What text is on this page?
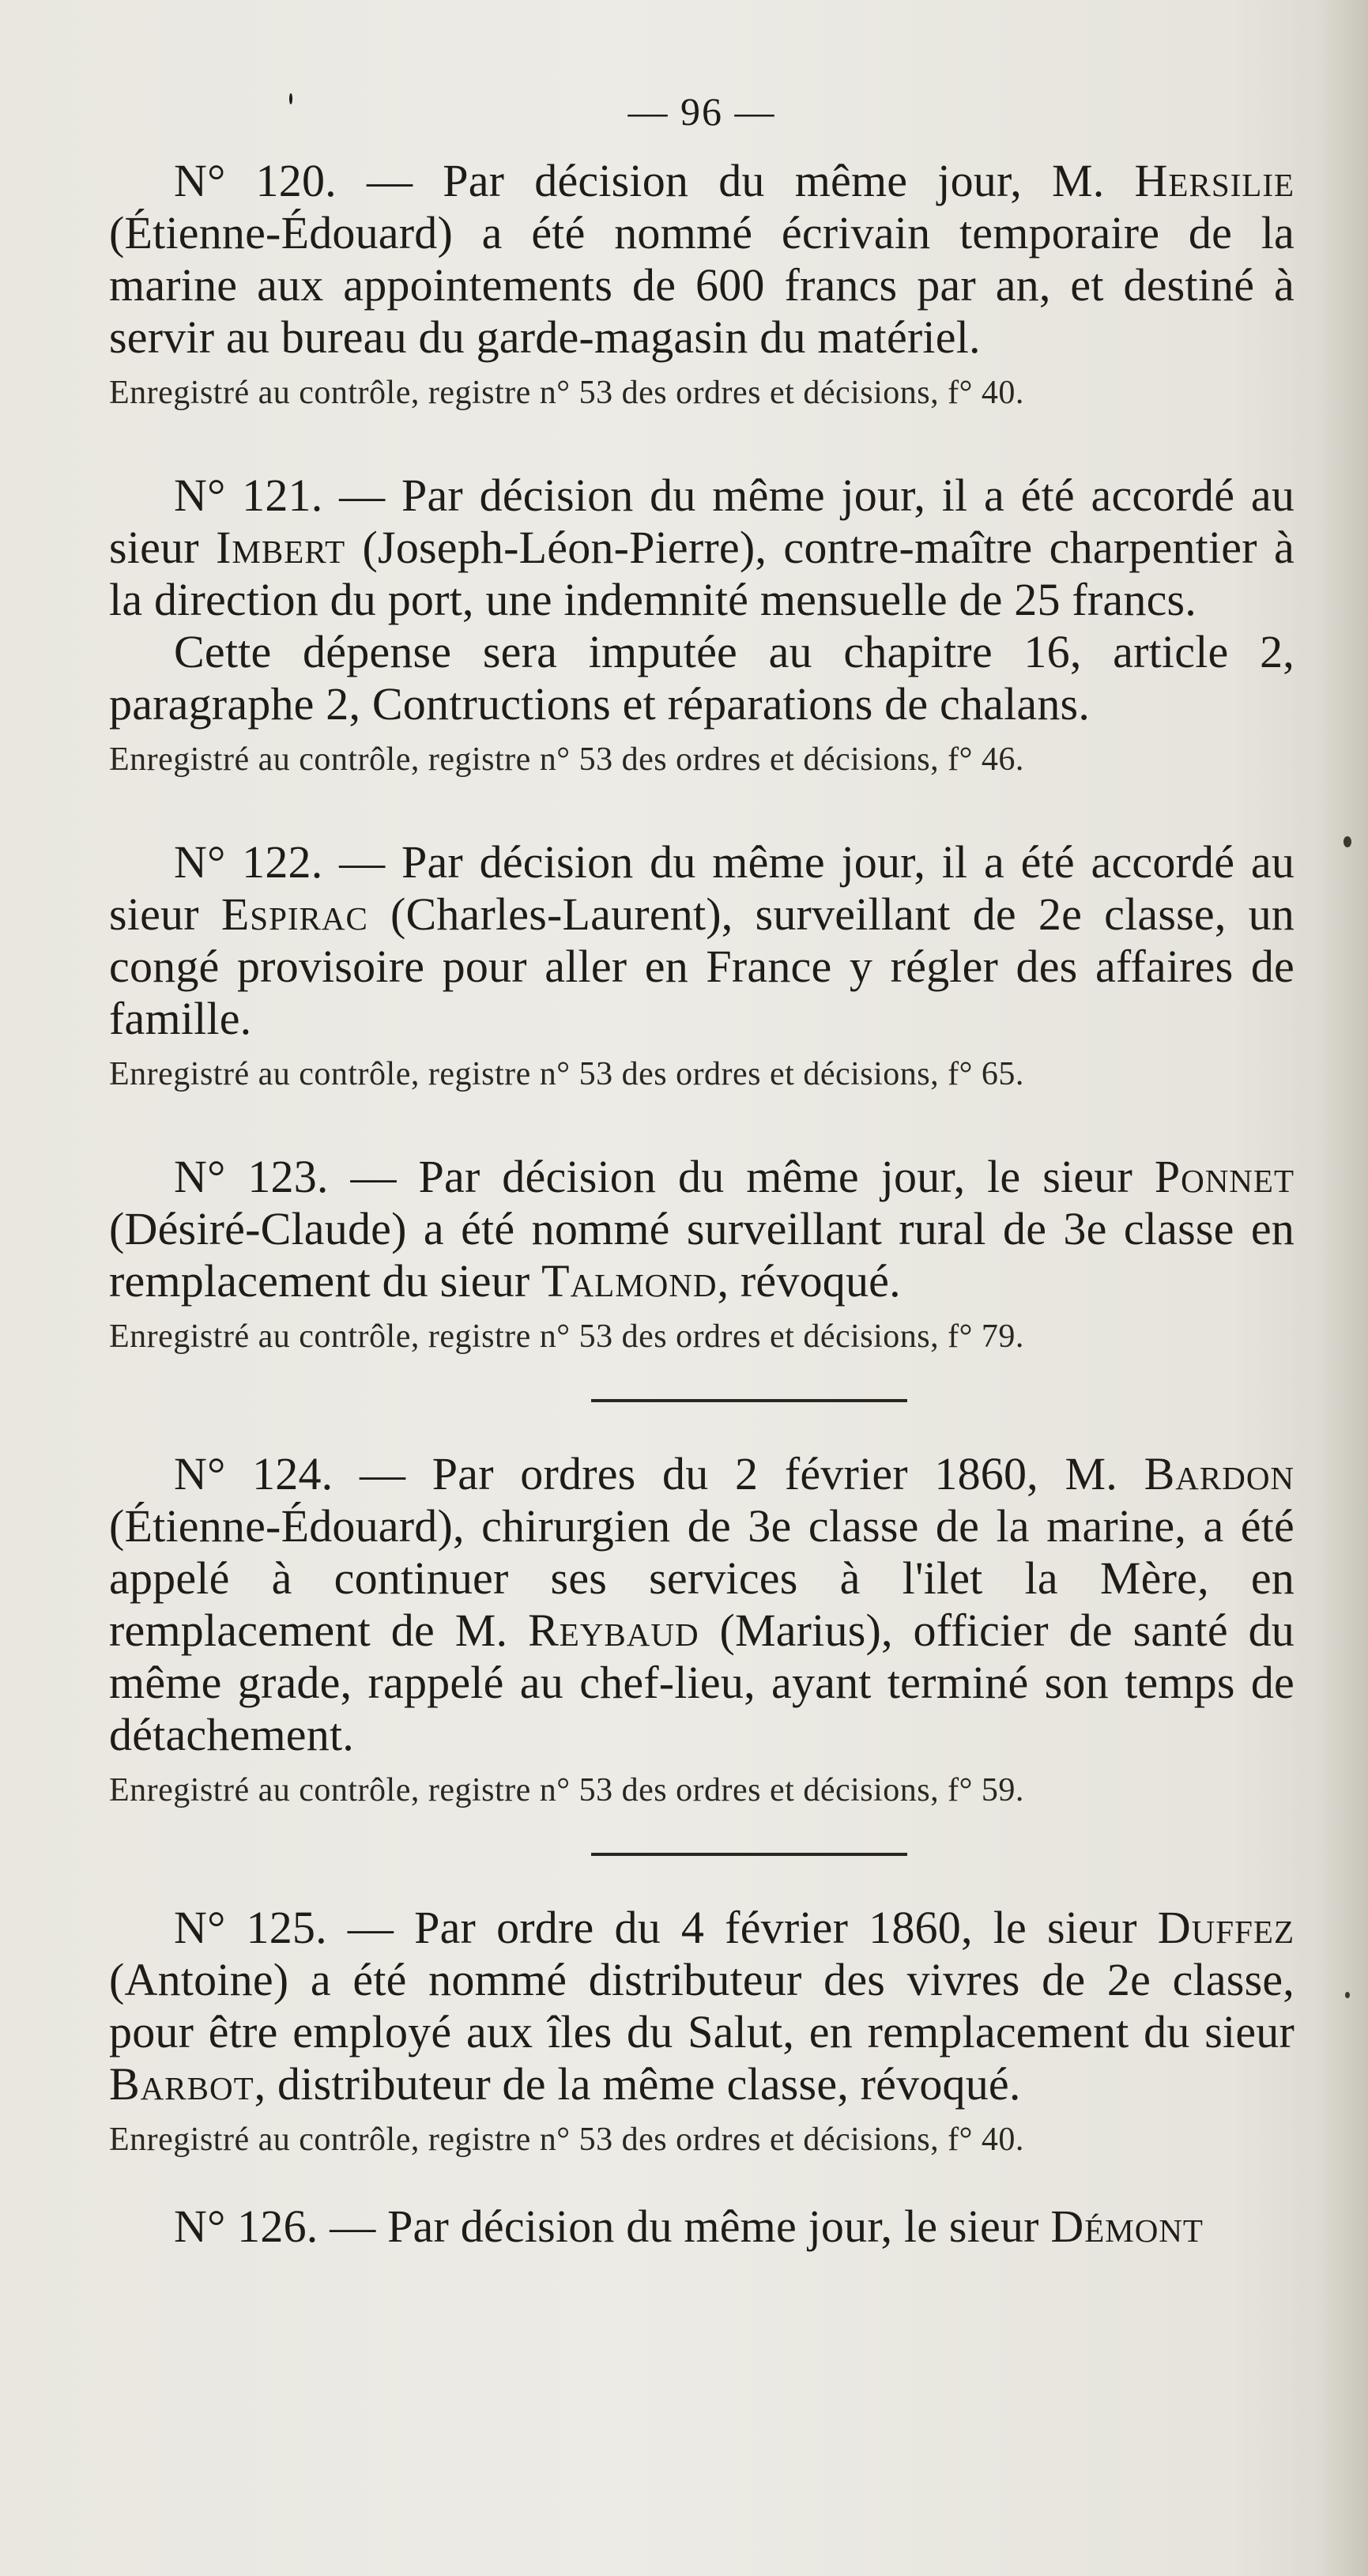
— 96 —

N° 120. — Par décision du même jour, M. Hersilie (Étienne-Édouard) a été nommé écrivain temporaire de la marine aux appointements de 600 francs par an, et destiné à servir au bureau du garde-magasin du matériel.

Enregistré au contrôle, registre n° 53 des ordres et décisions, f° 40.

N° 121. — Par décision du même jour, il a été accordé au sieur Imbert (Joseph-Léon-Pierre), contre-maître charpentier à la direction du port, une indemnité mensuelle de 25 francs.

Cette dépense sera imputée au chapitre 16, article 2, paragraphe 2, Contructions et réparations de chalans.

Enregistré au contrôle, registre n° 53 des ordres et décisions, f° 46.

N° 122. — Par décision du même jour, il a été accordé au sieur Espirac (Charles-Laurent), surveillant de 2e classe, un congé provisoire pour aller en France y régler des affaires de famille.

Enregistré au contrôle, registre n° 53 des ordres et décisions, f° 65.

N° 123. — Par décision du même jour, le sieur Ponnet (Désiré-Claude) a été nommé surveillant rural de 3e classe en remplacement du sieur Talmond, révoqué.

Enregistré au contrôle, registre n° 53 des ordres et décisions, f° 79.

N° 124. — Par ordres du 2 février 1860, M. Bardon (Étienne-Édouard), chirurgien de 3e classe de la marine, a été appelé à continuer ses services à l'ilet la Mère, en remplacement de M. Reybaud (Marius), officier de santé du même grade, rappelé au chef-lieu, ayant terminé son temps de détachement.

Enregistré au contrôle, registre n° 53 des ordres et décisions, f° 59.

N° 125. — Par ordre du 4 février 1860, le sieur Duffez (Antoine) a été nommé distributeur des vivres de 2e classe, pour être employé aux îles du Salut, en remplacement du sieur Barbot, distributeur de la même classe, révoqué.

Enregistré au contrôle, registre n° 53 des ordres et décisions, f° 40.

N° 126. — Par décision du même jour, le sieur Démont
